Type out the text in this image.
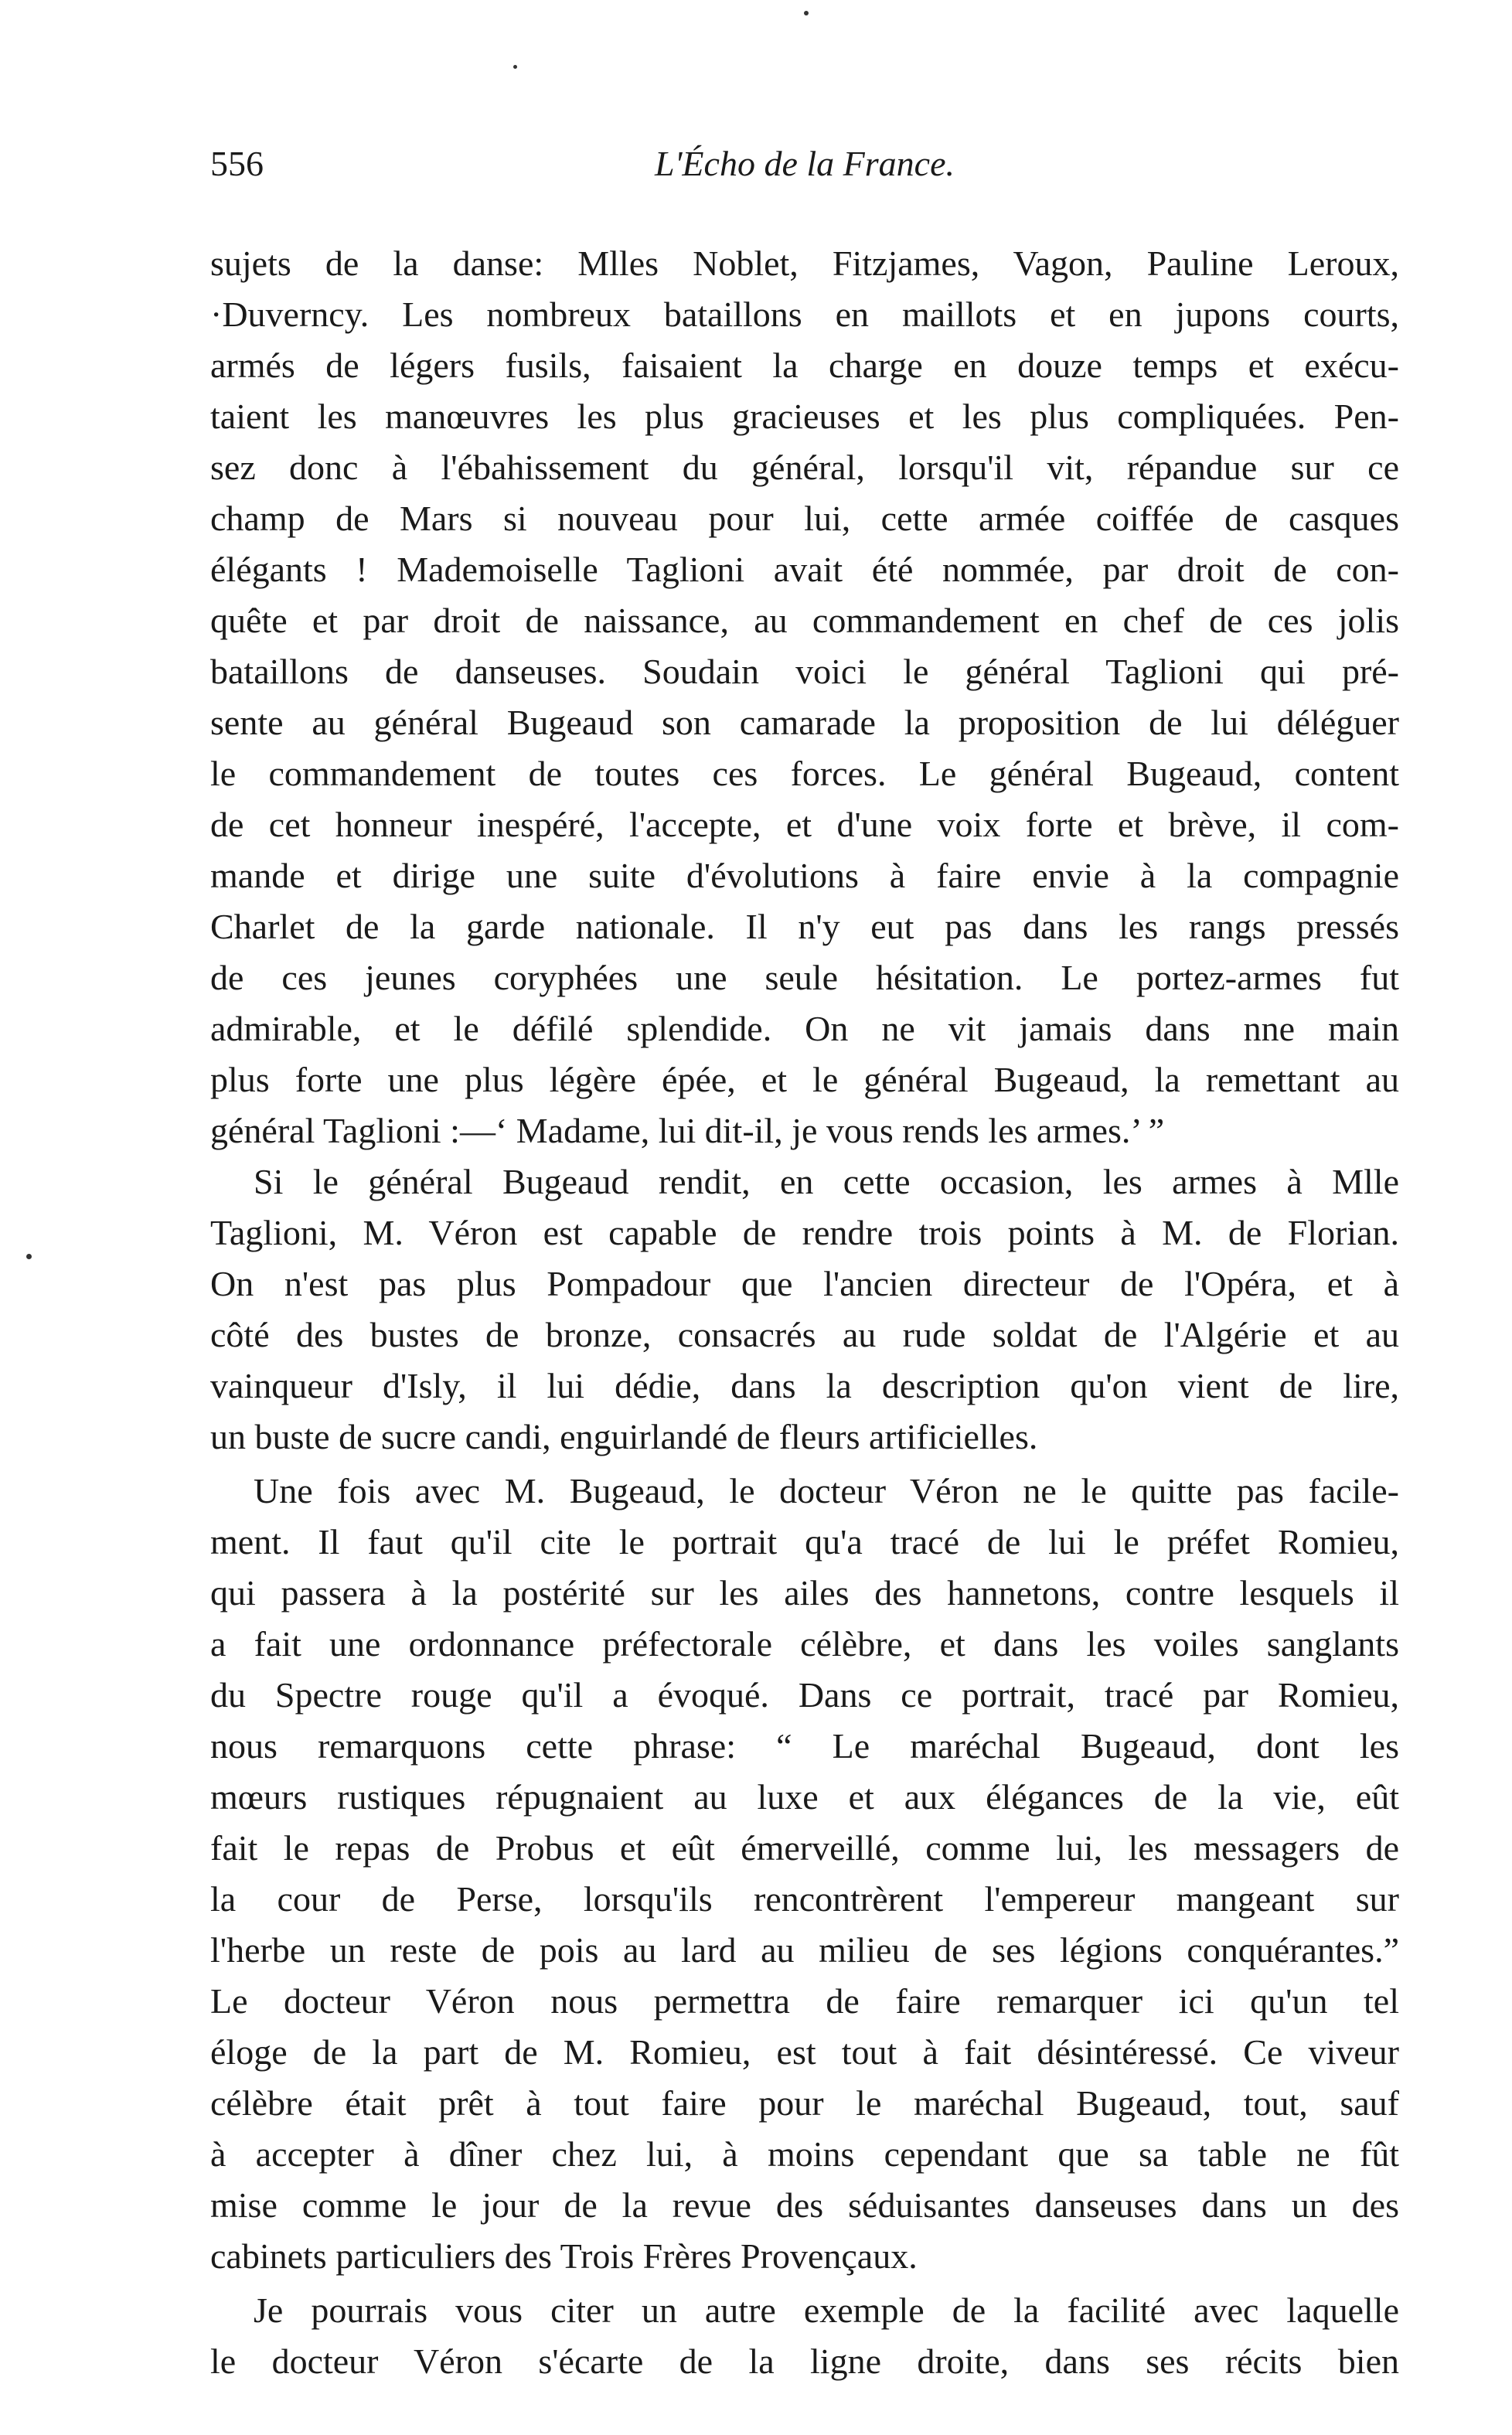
556	L'Écho de la France.
sujets de la danse: Mlles Noblet, Fitzjames, Vagon, Pauline Leroux,
·Duverncy. Les nombreux bataillons en maillots et en jupons courts,
armés de légers fusils, faisaient la charge en douze temps et exécu-
taient les manœuvres les plus gracieuses et les plus compliquées. Pen-
sez donc à l'ébahissement du général, lorsqu'il vit, répandue sur ce
champ de Mars si nouveau pour lui, cette armée coiffée de casques
élégants ! Mademoiselle Taglioni avait été nommée, par droit de con-
quête et par droit de naissance, au commandement en chef de ces jolis
bataillons de danseuses. Soudain voici le général Taglioni qui pré-
sente au général Bugeaud son camarade la proposition de lui déléguer
le commandement de toutes ces forces. Le général Bugeaud, content
de cet honneur inespéré, l'accepte, et d'une voix forte et brève, il com-
mande et dirige une suite d'évolutions à faire envie à la compagnie
Charlet de la garde nationale. Il n'y eut pas dans les rangs pressés
de ces jeunes coryphées une seule hésitation. Le portez-armes fut
admirable, et le défilé splendide. On ne vit jamais dans nne main
plus forte une plus légère épée, et le général Bugeaud, la remettant au
général Taglioni :—‘ Madame, lui dit-il, je vous rends les armes.’ ”
Si le général Bugeaud rendit, en cette occasion, les armes à Mlle
Taglioni, M. Véron est capable de rendre trois points à M. de Florian.
On n'est pas plus Pompadour que l'ancien directeur de l'Opéra, et à
côté des bustes de bronze, consacrés au rude soldat de l'Algérie et au
vainqueur d'Isly, il lui dédie, dans la description qu'on vient de lire,
un buste de sucre candi, enguirlandé de fleurs artificielles.
Une fois avec M. Bugeaud, le docteur Véron ne le quitte pas facile-
ment. Il faut qu'il cite le portrait qu'a tracé de lui le préfet Romieu,
qui passera à la postérité sur les ailes des hannetons, contre lesquels il
a fait une ordonnance préfectorale célèbre, et dans les voiles sanglants
du Spectre rouge qu'il a évoqué. Dans ce portrait, tracé par Romieu,
nous remarquons cette phrase: “ Le maréchal Bugeaud, dont les
mœurs rustiques répugnaient au luxe et aux élégances de la vie, eût
fait le repas de Probus et eût émerveillé, comme lui, les messagers de
la cour de Perse, lorsqu'ils rencontrèrent l'empereur mangeant sur
l'herbe un reste de pois au lard au milieu de ses légions conquérantes.”
Le docteur Véron nous permettra de faire remarquer ici qu'un tel
éloge de la part de M. Romieu, est tout à fait désintéressé. Ce viveur
célèbre était prêt à tout faire pour le maréchal Bugeaud, tout, sauf
à accepter à dîner chez lui, à moins cependant que sa table ne fût
mise comme le jour de la revue des séduisantes danseuses dans un des
cabinets particuliers des Trois Frères Provençaux.
Je pourrais vous citer un autre exemple de la facilité avec laquelle
le docteur Véron s'écarte de la ligne droite, dans ses récits bien
